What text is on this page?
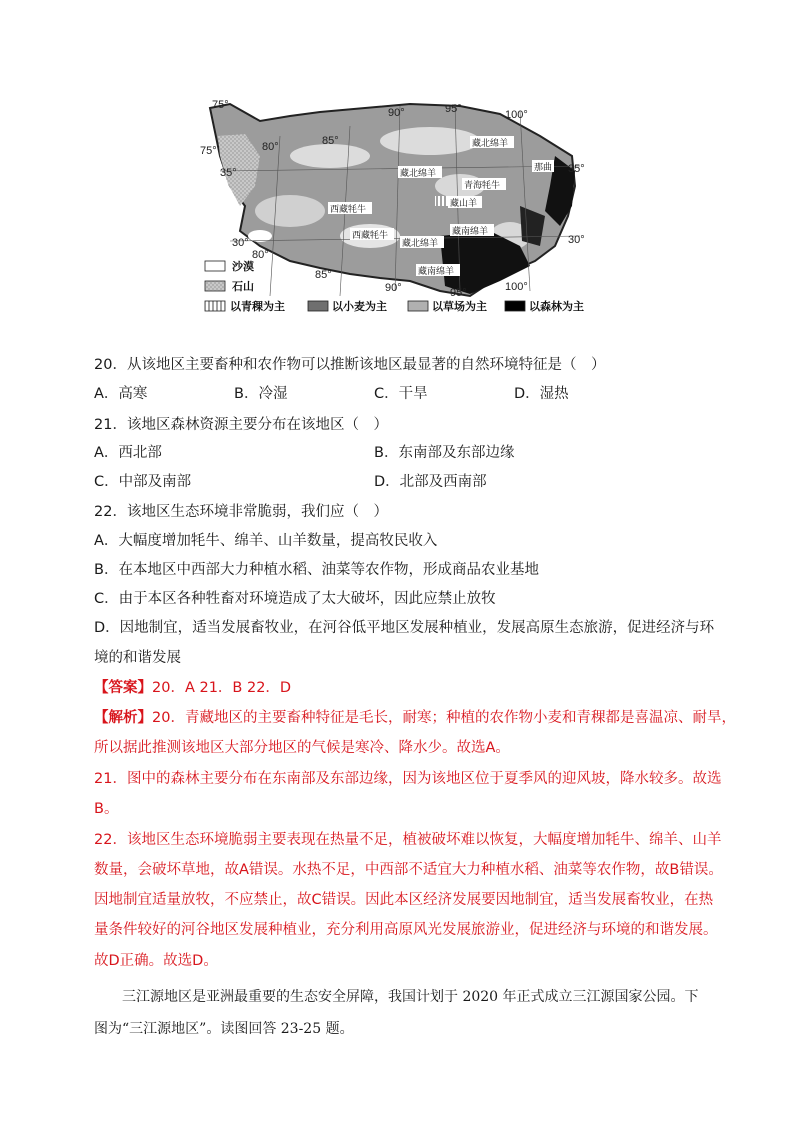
沙漠
石山
以青稞为主	以小麦为主	以草场为主	以森林为主
75°
75°	80°	85°
90°	95°	100°
80°
85°
90°	95°	100°
35°	35°
30°	30°
藏北绵羊
那曲
藏北绵羊
青海牦牛
藏山羊
西藏牦牛
西藏牦牛
藏北绵羊
藏南绵羊
藏南绵羊
20．从该地区主要畜种和农作物可以推断该地区最显著的自然环境特征是（　）
A．高寒	B．冷湿	C．干旱	D．湿热
21．该地区森林资源主要分布在该地区（　）
A．西北部	B．东南部及东部边缘
C．中部及南部	D．北部及西南部
22．该地区生态环境非常脆弱，我们应（　）
A．大幅度增加牦牛、绵羊、山羊数量，提高牧民收入
B．在本地区中西部大力种植水稻、油菜等农作物，形成商品农业基地
C．由于本区各种牲畜对环境造成了太大破坏，因此应禁止放牧
D．因地制宜，适当发展畜牧业，在河谷低平地区发展种植业，发展高原生态旅游，促进经济与环
境的和谐发展
【答案】20．A 21．B 22．D
【解析】20．青藏地区的主要畜种特征是毛长，耐寒；种植的农作物小麦和青稞都是喜温凉、耐旱，
所以据此推测该地区大部分地区的气候是寒冷、降水少。故选A。
21．图中的森林主要分布在东南部及东部边缘，因为该地区位于夏季风的迎风坡，降水较多。故选
B。
22．该地区生态环境脆弱主要表现在热量不足，植被破坏难以恢复，大幅度增加牦牛、绵羊、山羊
数量，会破坏草地，故A错误。水热不足，中西部不适宜大力种植水稻、油菜等农作物，故B错误。
因地制宜适量放牧，不应禁止，故C错误。因此本区经济发展要因地制宜，适当发展畜牧业，在热
量条件较好的河谷地区发展种植业，充分利用高原风光发展旅游业，促进经济与环境的和谐发展。
故D正确。故选D。
三江源地区是亚洲最重要的生态安全屏障，我国计划于 2020 年正式成立三江源国家公园。下
图为“三江源地区”。读图回答 23-25 题。
